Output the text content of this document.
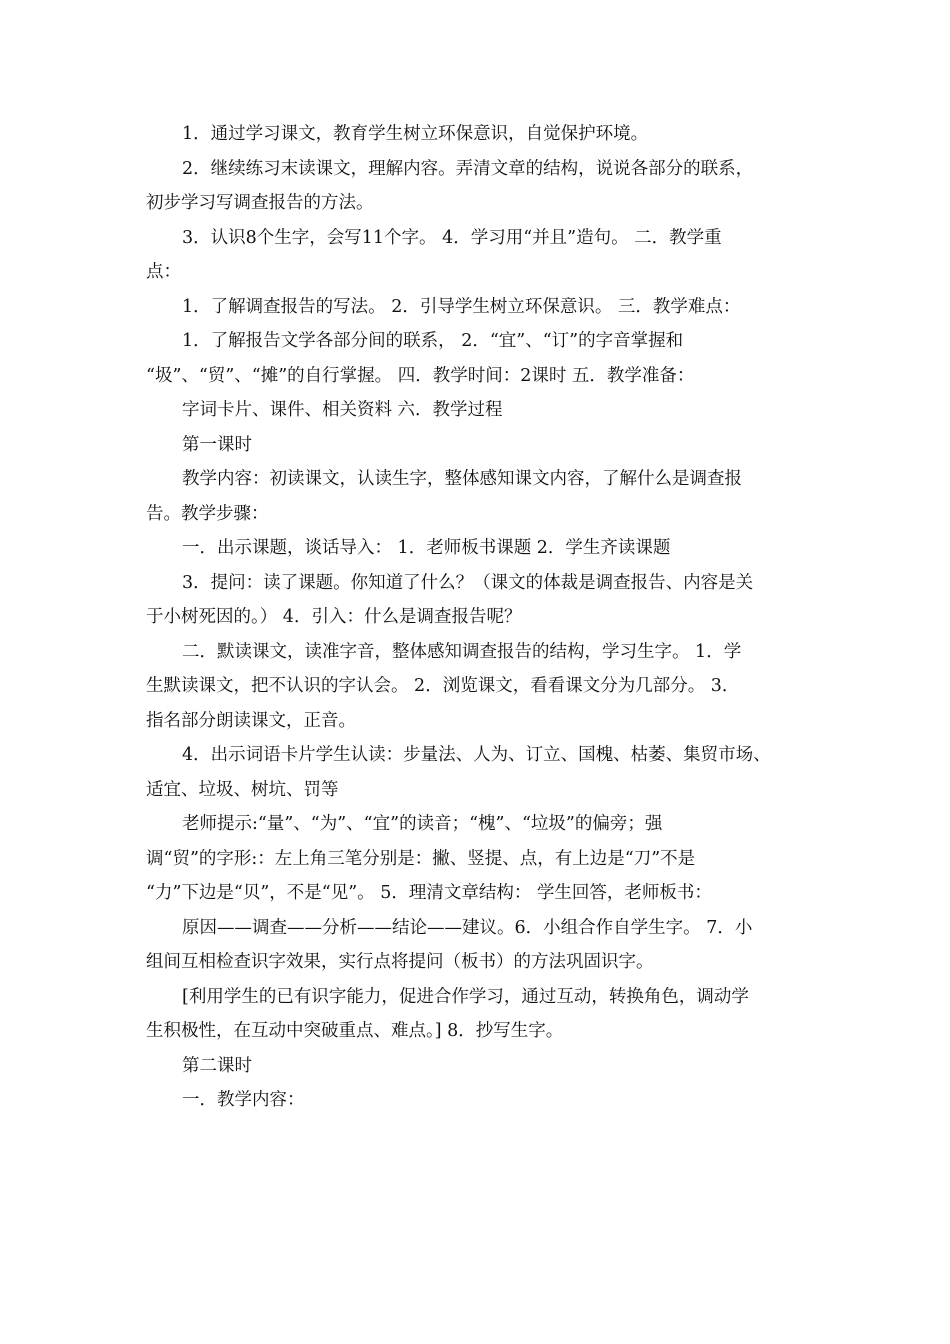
1．通过学习课文，教育学生树立环保意识，自觉保护环境。
2．继续练习末读课文，理解内容。弄清文章的结构，说说各部分的联系，
初步学习写调查报告的方法。
3．认识8个生字，会写11个字。 4．学习用“并且”造句。 二．教学重
点：
1．了解调查报告的写法。 2．引导学生树立环保意识。 三．教学难点：
1．了解报告文学各部分间的联系， 2．“宜”、“订”的字音掌握和
“圾”、“贸”、“摊”的自行掌握。 四．教学时间：2课时 五．教学准备：
字词卡片、课件、相关资料 六．教学过程
第一课时
教学内容：初读课文，认读生字，整体感知课文内容，了解什么是调查报
告。教学步骤：
一．出示课题，谈话导入： 1．老师板书课题 2．学生齐读课题
3．提问：读了课题。你知道了什么？（课文的体裁是调查报告、内容是关
于小树死因的。） 4．引入：什么是调查报告呢？
二．默读课文，读准字音，整体感知调查报告的结构，学习生字。 1．学
生默读课文，把不认识的字认会。 2．浏览课文，看看课文分为几部分。 3．
指名部分朗读课文，正音。
4．出示词语卡片学生认读：步量法、人为、订立、国槐、枯萎、集贸市场、
适宜、垃圾、树坑、罚等
老师提示:“量”、“为”、“宜”的读音；“槐”、“垃圾”的偏旁；强
调“贸”的字形:：左上角三笔分别是：撇、竖提、点，有上边是“刀”不是
“力”下边是“贝”，不是“见”。 5．理清文章结构： 学生回答，老师板书：
原因——调查——分析——结论——建议。6．小组合作自学生字。 7．小
组间互相检查识字效果，实行点将提问（板书）的方法巩固识字。
[利用学生的已有识字能力，促进合作学习，通过互动，转换角色，调动学
生积极性，在互动中突破重点、难点。] 8．抄写生字。
第二课时
一．教学内容：
